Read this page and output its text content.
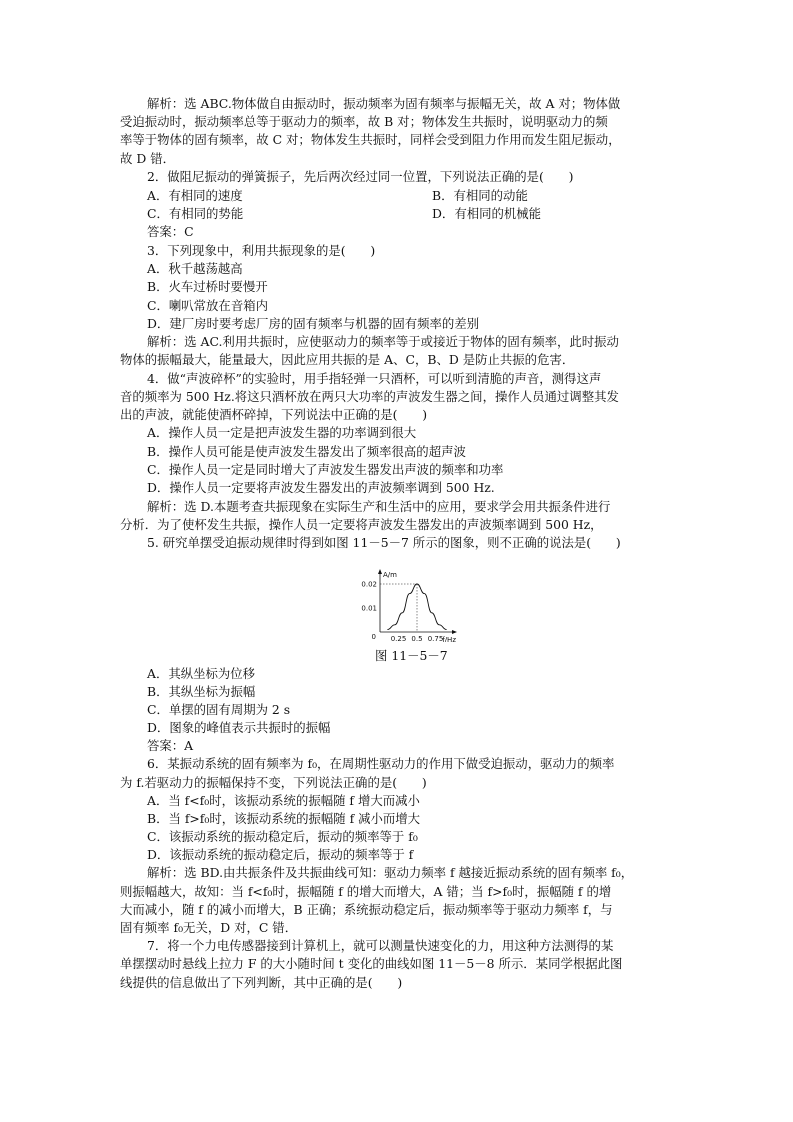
解析：选 ABC.物体做自由振动时，振动频率为固有频率与振幅无关，故 A 对；物体做
受迫振动时，振动频率总等于驱动力的频率，故 B 对；物体发生共振时，说明驱动力的频
率等于物体的固有频率，故 C 对；物体发生共振时，同样会受到阻力作用而发生阻尼振动，
故 D 错．
2．做阻尼振动的弹簧振子，先后两次经过同一位置，下列说法正确的是(　　)
A．有相同的速度	B．有相同的动能
C．有相同的势能	D．有相同的机械能
答案：C
3．下列现象中，利用共振现象的是(　　)
A．秋千越荡越高
B．火车过桥时要慢开
C．喇叭常放在音箱内
D．建厂房时要考虑厂房的固有频率与机器的固有频率的差别
解析：选 AC.利用共振时，应使驱动力的频率等于或接近于物体的固有频率，此时振动
物体的振幅最大，能量最大，因此应用共振的是 A、C，B、D 是防止共振的危害．
4．做“声波碎杯”的实验时，用手指轻弹一只酒杯，可以听到清脆的声音，测得这声
音的频率为 500 Hz.将这只酒杯放在两只大功率的声波发生器之间，操作人员通过调整其发
出的声波，就能使酒杯碎掉，下列说法中正确的是(　　)
A．操作人员一定是把声波发生器的功率调到很大
B．操作人员可能是使声波发生器发出了频率很高的超声波
C．操作人员一定是同时增大了声波发生器发出声波的频率和功率
D．操作人员一定要将声波发生器发出的声波频率调到 500 Hz.
解析：选 D.本题考查共振现象在实际生产和生活中的应用，要求学会用共振条件进行
分析．为了使杯发生共振，操作人员一定要将声波发生器发出的声波频率调到 500 Hz，
5. 研究单摆受迫振动规律时得到如图 11－5－7 所示的图象，则不正确的说法是(　　)
A/m
f/Hz
0
0.02
0.01
0.25 0.5 0.75
图 11－5－7
A．其纵坐标为位移
B．其纵坐标为振幅
C．单摆的固有周期为 2 s
D．图象的峰值表示共振时的振幅
答案：A
6．某振动系统的固有频率为 f₀，在周期性驱动力的作用下做受迫振动，驱动力的频率
为 f.若驱动力的振幅保持不变，下列说法正确的是(　　)
A．当 f<f₀时，该振动系统的振幅随 f 增大而减小
B．当 f>f₀时，该振动系统的振幅随 f 减小而增大
C．该振动系统的振动稳定后，振动的频率等于 f₀
D．该振动系统的振动稳定后，振动的频率等于 f
解析：选 BD.由共振条件及共振曲线可知：驱动力频率 f 越接近振动系统的固有频率 f₀，
则振幅越大，故知：当 f<f₀时，振幅随 f 的增大而增大，A 错；当 f>f₀时，振幅随 f 的增
大而减小，随 f 的减小而增大，B 正确；系统振动稳定后，振动频率等于驱动力频率 f，与
固有频率 f₀无关，D 对，C 错．
7．将一个力电传感器接到计算机上，就可以测量快速变化的力，用这种方法测得的某
单摆摆动时悬线上拉力 F 的大小随时间 t 变化的曲线如图 11－5－8 所示．某同学根据此图
线提供的信息做出了下列判断，其中正确的是(　　)
